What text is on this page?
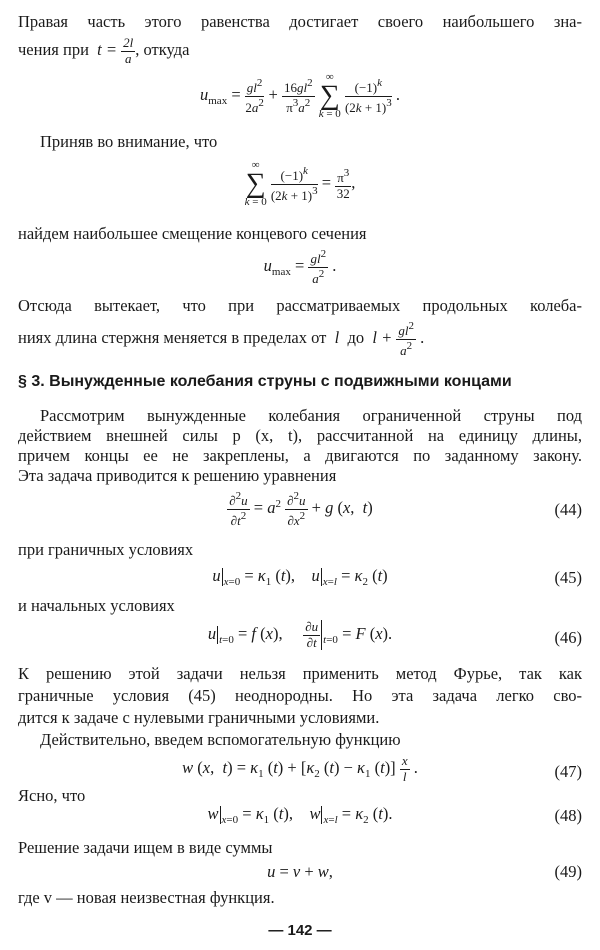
Правая часть этого равенства достигает своего наибольшего зна-
чения при  $t = \frac{2l}{a}$ , откуда
$u_{max} = \frac{gl^2}{2a^2} + \frac{16gl^2}{\pi^3a^2}$
	∞
∑
k = 0
$\frac{(-1)^k}{(2k + 1)^3}$ .
Приняв во внимание, что
∞
∑
k = 0
$\frac{(-1)^k}{(2k + 1)^3} = \frac{\pi^3}{32}$ ,
найдем наибольшее смещение концевого сечения
$u_{max} = \frac{gl^2}{a^2}$ .
Отсюда вытекает, что при рассматриваемых продольных колеба-
ниях длина стержня меняется в пределах от  l  до  $l + \frac{gl^2}{a^2}$ .
§ 3. Вынужденные колебания струны с подвижными концами
Рассмотрим вынужденные колебания ограниченной струны под
действием внешней силы p (x, t), рассчитанной на единицу длины,
причем концы ее не закреплены, а двигаются по заданному закону.
Эта задача приводится к решению уравнения
$\frac{\partial^2u}{\partial t^2} = a^2 \frac{\partial^2u}{\partial x^2} + g$ (x,  t)	(44)
при граничных условиях
u $_{x=0} = \kappa_1$ (t),    u $_{x=l} = \kappa_2$ (t)	(45)
и начальных условиях
u $_{t=0}$ = f (x), $\frac{\partial u}{\partial t} _{t=0} = F$ (x).	(46)
К решению этой задачи нельзя применить метод Фурье, так как
граничные условия (45) неоднородны. Но эта задача легко сво-
дится к задаче с нулевыми граничными условиями.
Действительно, введем вспомогательную функцию
w (x,  $t) = \kappa_1$ $(t) + [\kappa_2$ $(t) - \kappa_1$ $(t)] \frac{x}{l}$ .	(47)
Ясно, что
w $_{x=0} = \kappa_1$ (t),    w $_{x=l} = \kappa_2$ (t).	(48)
Решение задачи ищем в виде суммы
u = v + w,	(49)
где v — новая неизвестная функция.
— 142 —
